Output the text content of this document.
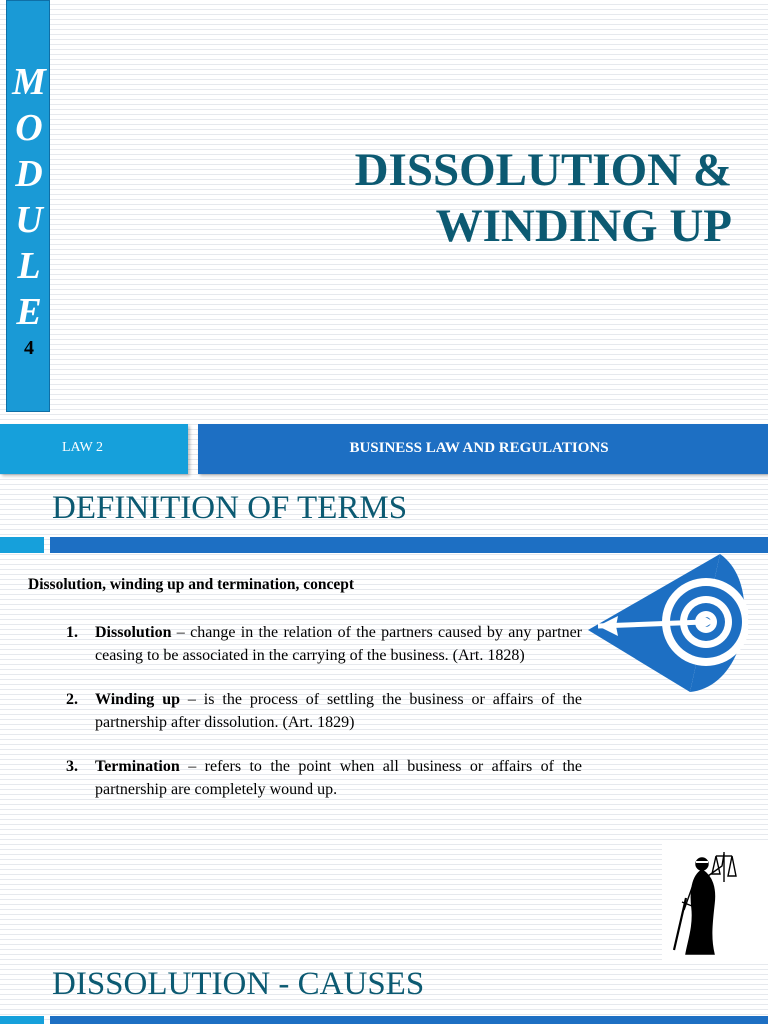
M
O
D
U
L
E
4
DISSOLUTION &
WINDING UP
LAW 2	BUSINESS LAW AND REGULATIONS
DEFINITION OF TERMS
Dissolution, winding up and termination, concept
1. Dissolution – change in the relation of the partners caused by any partner ceasing to be associated in the carrying of the business. (Art. 1828)
2. Winding up – is the process of settling the business or affairs of the partnership after dissolution. (Art. 1829)
3. Termination – refers to the point when all business or affairs of the partnership are completely wound up.
DISSOLUTION - CAUSES
